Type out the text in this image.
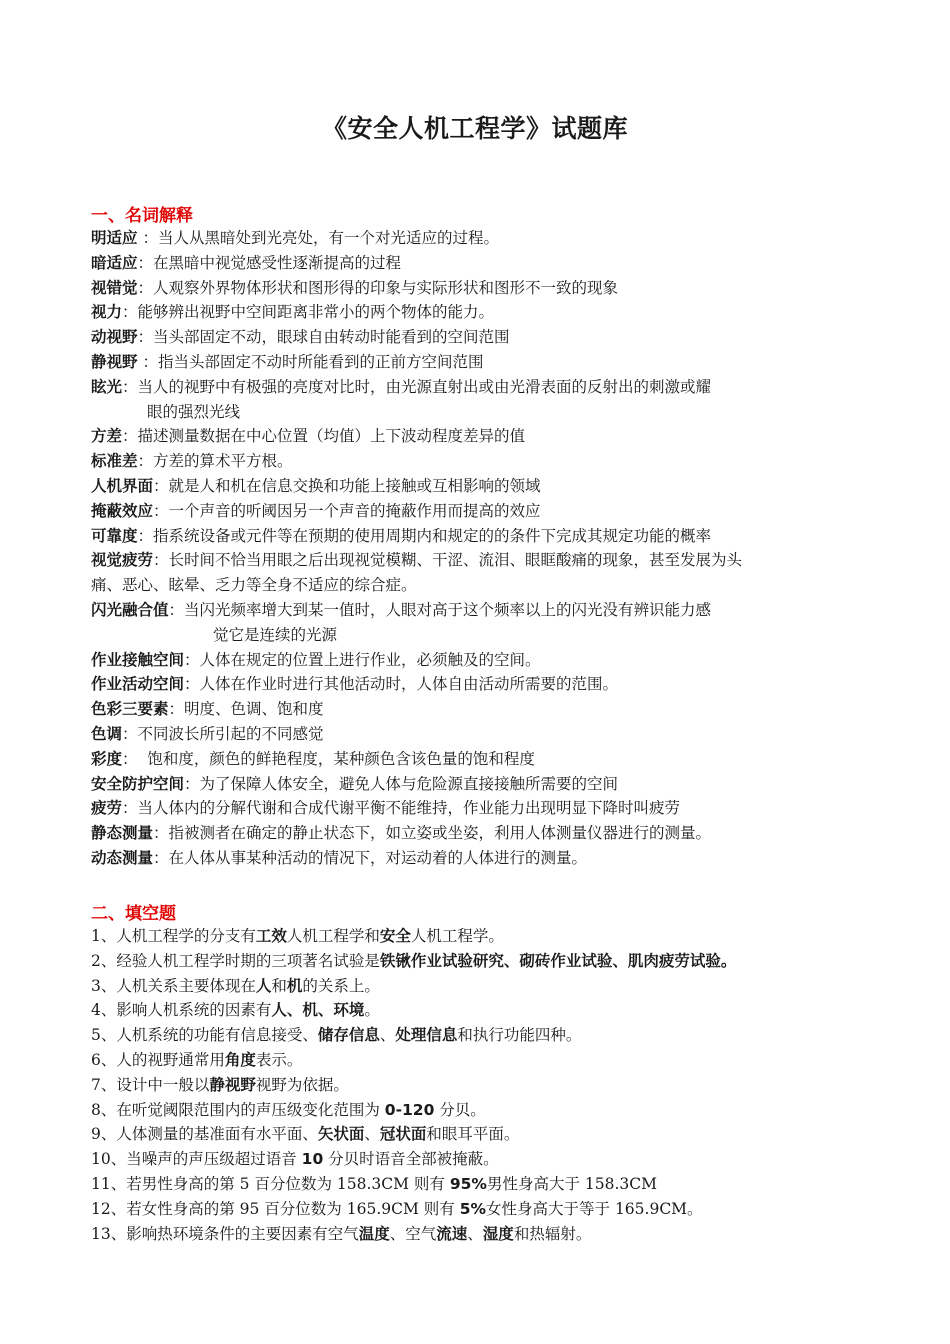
《安全人机工程学》试题库
一、名词解释
明适应 ：当人从黑暗处到光亮处，有一个对光适应的过程。
暗适应：在黑暗中视觉感受性逐渐提高的过程
视错觉：人观察外界物体形状和图形得的印象与实际形状和图形不一致的现象
视力：能够辨出视野中空间距离非常小的两个物体的能力。
动视野：当头部固定不动，眼球自由转动时能看到的空间范围
静视野 ：指当头部固定不动时所能看到的正前方空间范围
眩光：当人的视野中有极强的亮度对比时，由光源直射出或由光滑表面的反射出的刺激或耀
眼的强烈光线
方差：描述测量数据在中心位置（均值）上下波动程度差异的值
标准差：方差的算术平方根。
人机界面：就是人和机在信息交换和功能上接触或互相影响的领域
掩蔽效应：一个声音的听阈因另一个声音的掩蔽作用而提高的效应
可靠度：指系统设备或元件等在预期的使用周期内和规定的的条件下完成其规定功能的概率
视觉疲劳：长时间不恰当用眼之后出现视觉模糊、干涩、流泪、眼眶酸痛的现象，甚至发展为头
痛、恶心、眩晕、乏力等全身不适应的综合症。
闪光融合值：当闪光频率增大到某一值时，人眼对高于这个频率以上的闪光没有辨识能力感
觉它是连续的光源
作业接触空间：人体在规定的位置上进行作业，必须触及的空间。
作业活动空间：人体在作业时进行其他活动时，人体自由活动所需要的范围。
色彩三要素：明度、色调、饱和度
色调：不同波长所引起的不同感觉
彩度：  饱和度，颜色的鲜艳程度，某种颜色含该色量的饱和程度
安全防护空间：为了保障人体安全，避免人体与危险源直接接触所需要的空间
疲劳：当人体内的分解代谢和合成代谢平衡不能维持，作业能力出现明显下降时叫疲劳
静态测量：指被测者在确定的静止状态下，如立姿或坐姿，利用人体测量仪器进行的测量。
动态测量：在人体从事某种活动的情况下，对运动着的人体进行的测量。
二、填空题
1、人机工程学的分支有工效人机工程学和安全人机工程学。
2、经验人机工程学时期的三项著名试验是铁锹作业试验研究、砌砖作业试验、肌肉疲劳试验。
3、人机关系主要体现在人和机的关系上。
4、影响人机系统的因素有人、机、环境。
5、人机系统的功能有信息接受、储存信息、处理信息和执行功能四种。
6、人的视野通常用角度表示。
7、设计中一般以静视野视野为依据。
8、在听觉阈限范围内的声压级变化范围为 0-120 分贝。
9、人体测量的基准面有水平面、矢状面、冠状面和眼耳平面。
10、当噪声的声压级超过语音 10 分贝时语音全部被掩蔽。
11、若男性身高的第 5 百分位数为 158.3CM 则有 95%男性身高大于 158.3CM
12、若女性身高的第 95 百分位数为 165.9CM 则有 5%女性身高大于等于 165.9CM。
13、影响热环境条件的主要因素有空气温度、空气流速、湿度和热辐射。
